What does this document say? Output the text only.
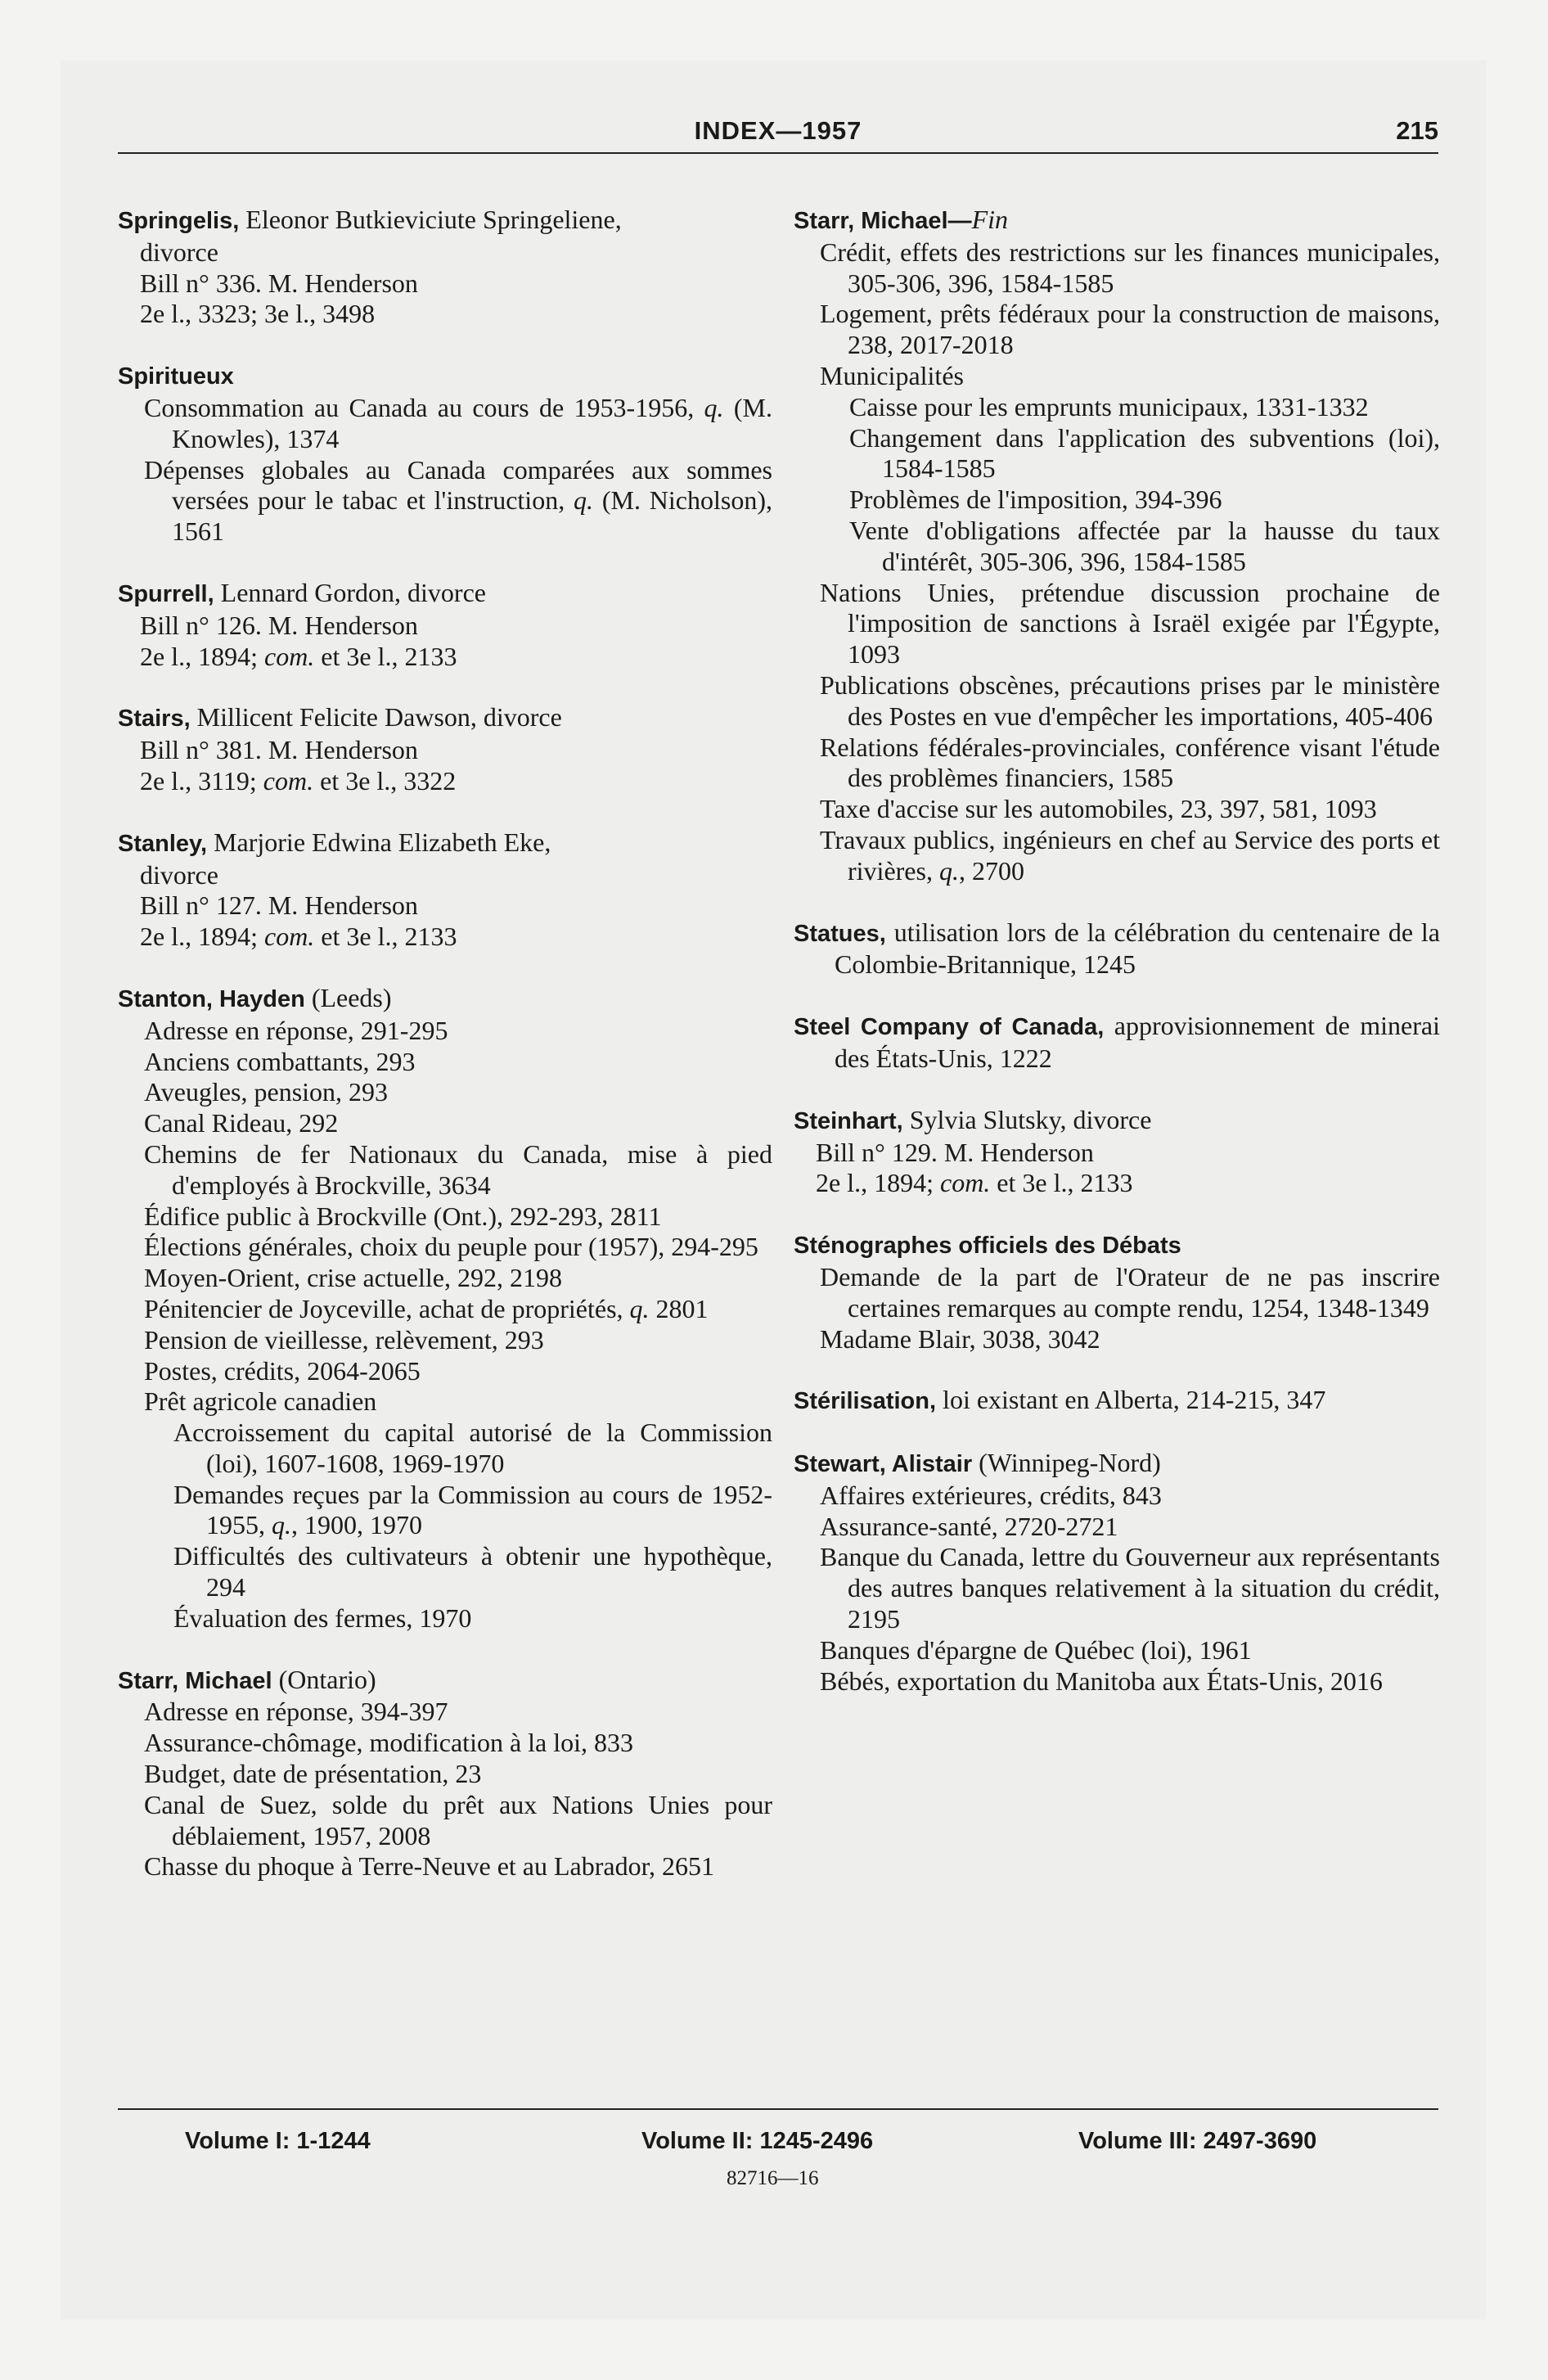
INDEX—1957	215
Springelis, Eleonor Butkieviciute Springeliene,
divorce
Bill n° 336. M. Henderson
2e l., 3323; 3e l., 3498
Spiritueux
Consommation au Canada au cours de 1953-1956, q. (M. Knowles), 1374
Dépenses globales au Canada comparées aux sommes versées pour le tabac et l'instruction, q. (M. Nicholson), 1561
Spurrell, Lennard Gordon, divorce
Bill n° 126. M. Henderson
2e l., 1894; com. et 3e l., 2133
Stairs, Millicent Felicite Dawson, divorce
Bill n° 381. M. Henderson
2e l., 3119; com. et 3e l., 3322
Stanley, Marjorie Edwina Elizabeth Eke,
divorce
Bill n° 127. M. Henderson
2e l., 1894; com. et 3e l., 2133
Stanton, Hayden (Leeds)
Adresse en réponse, 291-295
Anciens combattants, 293
Aveugles, pension, 293
Canal Rideau, 292
Chemins de fer Nationaux du Canada, mise à pied d'employés à Brockville, 3634
Édifice public à Brockville (Ont.), 292-293, 2811
Élections générales, choix du peuple pour (1957), 294-295
Moyen-Orient, crise actuelle, 292, 2198
Pénitencier de Joyceville, achat de propriétés, q. 2801
Pension de vieillesse, relèvement, 293
Postes, crédits, 2064-2065
Prêt agricole canadien
Accroissement du capital autorisé de la Commission (loi), 1607-1608, 1969-1970
Demandes reçues par la Commission au cours de 1952-1955, q., 1900, 1970
Difficultés des cultivateurs à obtenir une hypothèque, 294
Évaluation des fermes, 1970
Starr, Michael (Ontario)
Adresse en réponse, 394-397
Assurance-chômage, modification à la loi, 833
Budget, date de présentation, 23
Canal de Suez, solde du prêt aux Nations Unies pour déblaiement, 1957, 2008
Chasse du phoque à Terre-Neuve et au Labrador, 2651
Starr, Michael—Fin
Crédit, effets des restrictions sur les finances municipales, 305-306, 396, 1584-1585
Logement, prêts fédéraux pour la construction de maisons, 238, 2017-2018
Municipalités
Caisse pour les emprunts municipaux, 1331-1332
Changement dans l'application des subventions (loi), 1584-1585
Problèmes de l'imposition, 394-396
Vente d'obligations affectée par la hausse du taux d'intérêt, 305-306, 396, 1584-1585
Nations Unies, prétendue discussion prochaine de l'imposition de sanctions à Israël exigée par l'Égypte, 1093
Publications obscènes, précautions prises par le ministère des Postes en vue d'empêcher les importations, 405-406
Relations fédérales-provinciales, conférence visant l'étude des problèmes financiers, 1585
Taxe d'accise sur les automobiles, 23, 397, 581, 1093
Travaux publics, ingénieurs en chef au Service des ports et rivières, q., 2700
Statues, utilisation lors de la célébration du centenaire de la Colombie-Britannique, 1245
Steel Company of Canada, approvisionnement de minerai des États-Unis, 1222
Steinhart, Sylvia Slutsky, divorce
Bill n° 129. M. Henderson
2e l., 1894; com. et 3e l., 2133
Sténographes officiels des Débats
Demande de la part de l'Orateur de ne pas inscrire certaines remarques au compte rendu, 1254, 1348-1349
Madame Blair, 3038, 3042
Stérilisation, loi existant en Alberta, 214-215, 347
Stewart, Alistair (Winnipeg-Nord)
Affaires extérieures, crédits, 843
Assurance-santé, 2720-2721
Banque du Canada, lettre du Gouverneur aux représentants des autres banques relativement à la situation du crédit, 2195
Banques d'épargne de Québec (loi), 1961
Bébés, exportation du Manitoba aux États-Unis, 2016
Volume I: 1-1244	Volume II: 1245-2496	Volume III: 2497-3690
82716—16
